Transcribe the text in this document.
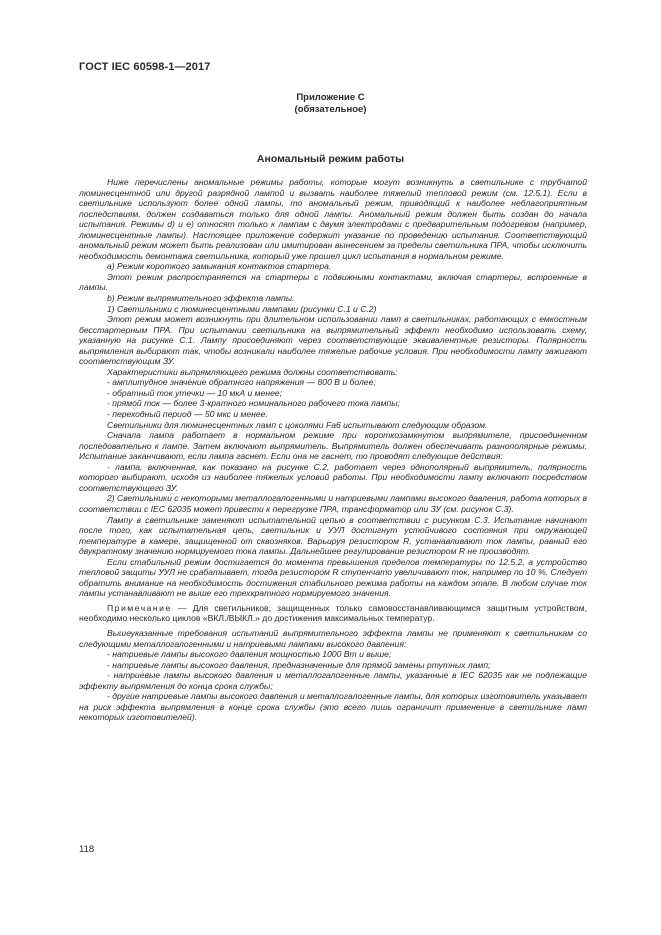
ГОСТ IEC 60598-1—2017
Приложение С
(обязательное)
Аномальный режим работы

Ниже перечислены аномальные режимы работы, которые могут возникнуть в светильнике с трубчатой люминесцентной или другой разрядной лампой и вызвать наиболее тяжелый тепловой режим (см. 12.5.1). Если в светильнике используют более одной лампы, то аномальный режим, приводящий к наиболее неблагоприятным последствиям, должен создаваться только для одной лампы. Аномальный режим должен быть создан до начала испытания. Режимы d) и е) относят только к лампам с двумя электродами с предварительным подогревом (например, люминесцентные лампы). Настоящее приложение содержит указание по проведению испытания. Соответствующий аномальный режим может быть реализован или имитирован вынесением за пределы светильника ПРА, чтобы исключить необходимость демонтажа светильника, который уже прошел цикл испытания в нормальном режиме.

а) Режим короткого замыкания контактов стартера.

Этот режим распространяется на стартеры с подвижными контактами, включая стартеры, встроенные в лампы.

b) Режим выпрямительного эффекта лампы.

1) Светильники с люминесцентными лампами (рисунки С.1 и С.2)

Этот режим может возникнуть при длительном использовании ламп в светильниках, работающих с емкостным бесстартерным ПРА. При испытании светильника на выпрямительный эффект необходимо использовать схему, указанную на рисунке С.1. Лампу присоединяют через соответствующие эквивалентные резисторы. Полярность выпрямления выбирают так, чтобы возникали наиболее тяжелые рабочие условия. При необходимости лампу зажигают соответствующим ЗУ.

Характеристики выпрямляющего режима должны соответствовать:

- амплитудное значение обратного напряжения — 800 В и более;

- обратный ток утечки — 10 мкА и менее;

- прямой ток — более 3-кратного номинального рабочего тока лампы;

- переходный период — 50 мкс и менее.

Светильники для люминесцентных ламп с цоколями Fa6 испытывают следующим образом.

Сначала лампа работает в нормальном режиме при короткозамкнутом выпрямителе, присоединенном последовательно к лампе. Затем включают выпрямитель. Выпрямитель должен обеспечивать разнополярные режимы. Испытание заканчивают, если лампа гаснет. Если она не гаснет, то проводят следующие действия:

- лампа, включенная, как показано на рисунке С.2, работает через однополярный выпрямитель, полярность которого выбирают, исходя из наиболее тяжелых условий работы. При необходимости лампу включают посредством соответствующего ЗУ.

2) Светильники с некоторыми металлогалогенными и натриевыми лампами высокого давления, работа которых в соответствии с IEC 62035 может привести к перегрузке ПРА, трансформатор или ЗУ (см. рисунок С.3).

Лампу в светильнике заменяют испытательной цепью в соответствии с рисунком С.3. Испытание начинают после того, как испытательная цепь, светильник и УУЛ достигнут устойчивого состояния при окружающей температуре в камере, защищенной от сквозняков. Варьируя резистором R, устанавливают ток лампы, равный его двукратному значению нормируемого тока лампы. Дальнейшее регулирование резистором R не производят.

Если стабильный режим достигается до момента превышения пределов температуры по 12.5.2, а устройство тепловой защиты УУЛ не срабатывает, тогда резистором R ступенчато увеличивают ток, например по 10 %. Следует обратить внимание на необходимость достижения стабильного режима работы на каждом этапе. В любом случае ток лампы устанавливают не выше его трехкратного нормируемого значения.

Примечание — Для светильников, защищенных только самовосстанавливающимся защитным устройством, необходимо несколько циклов «ВКЛ./ВЫКЛ.» до достижения максимальных температур.

Вышеуказанные требования испытаний выпрямительного эффекта лампы не применяют к светильникам со следующими металлогалогенными и натриевыми лампами высокого давления:

- натриевые лампы высокого давления мощностью 1000 Вт и выше;

- натриевые лампы высокого давления, предназначенные для прямой замены ртутных ламп;

- натриевые лампы высокого давления и металлогалогенные лампы, указанные в IEC 62035 как не подлежащие эффекту выпрямления до конца срока службы;

- другие натриевые лампы высокого давления и металлогалогенные лампы, для которых изготовитель указывает на риск эффекта выпрямления в конце срока службы (это всего лишь ограничит применение в светильнике ламп некоторых изготовителей).

118
